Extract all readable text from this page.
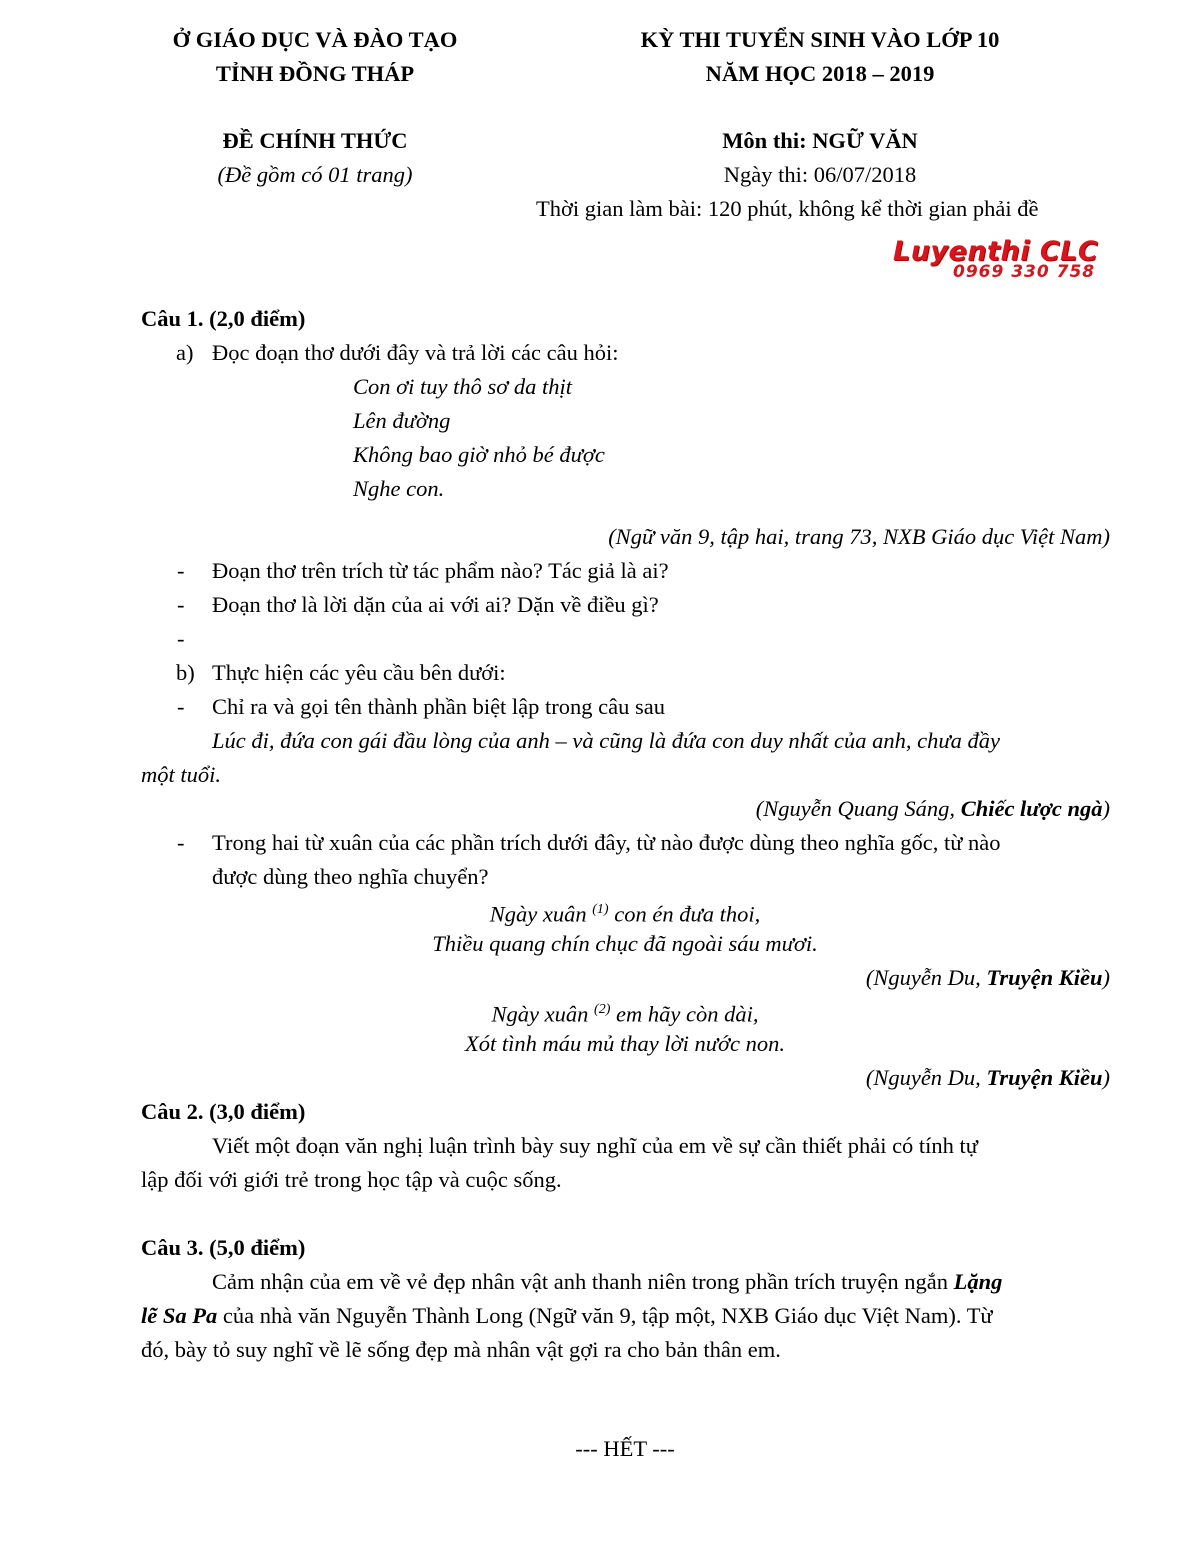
Ở GIÁO DỤC VÀ ĐÀO TẠO
TỈNH ĐỒNG THÁP
KỲ THI TUYỂN SINH VÀO LỚP 10
NĂM HỌC 2018 – 2019
ĐỀ CHÍNH THỨC
(Đề gồm có 01 trang)
Môn thi: NGỮ VĂN
Ngày thi: 06/07/2018
Thời gian làm bài: 120 phút, không kể thời gian phải đề
Luyenthi CLC
0969 330 758
Câu 1. (2,0 điểm)
a) Đọc đoạn thơ dưới đây và trả lời các câu hỏi:
Con ơi tuy thô sơ da thịt
Lên đường
Không bao giờ nhỏ bé được
Nghe con.
(Ngữ văn 9, tập hai, trang 73, NXB Giáo dục Việt Nam)
- Đoạn thơ trên trích từ tác phẩm nào? Tác giả là ai?
- Đoạn thơ là lời dặn của ai với ai? Dặn về điều gì?
-
b) Thực hiện các yêu cầu bên dưới:
- Chỉ ra và gọi tên thành phần biệt lập trong câu sau
Lúc đi, đứa con gái đầu lòng của anh – và cũng là đứa con duy nhất của anh, chưa đầy
một tuổi.
(Nguyễn Quang Sáng, Chiếc lược ngà)
- Trong hai từ xuân của các phần trích dưới đây, từ nào được dùng theo nghĩa gốc, từ nào
được dùng theo nghĩa chuyển?
Ngày xuân $^{(1)}$ con én đưa thoi,
Thiều quang chín chục đã ngoài sáu mươi.
(Nguyễn Du, Truyện Kiều)
Ngày xuân $^{(2)}$ em hãy còn dài,
Xót tình máu mủ thay lời nước non.
(Nguyễn Du, Truyện Kiều)
Câu 2. (3,0 điểm)
Viết một đoạn văn nghị luận trình bày suy nghĩ của em về sự cần thiết phải có tính tự
lập đối với giới trẻ trong học tập và cuộc sống.
Câu 3. (5,0 điểm)
Cảm nhận của em về vẻ đẹp nhân vật anh thanh niên trong phần trích truyện ngắn Lặng
lẽ Sa Pa của nhà văn Nguyễn Thành Long (Ngữ văn 9, tập một, NXB Giáo dục Việt Nam). Từ
đó, bày tỏ suy nghĩ về lẽ sống đẹp mà nhân vật gợi ra cho bản thân em.
--- HẾT ---
